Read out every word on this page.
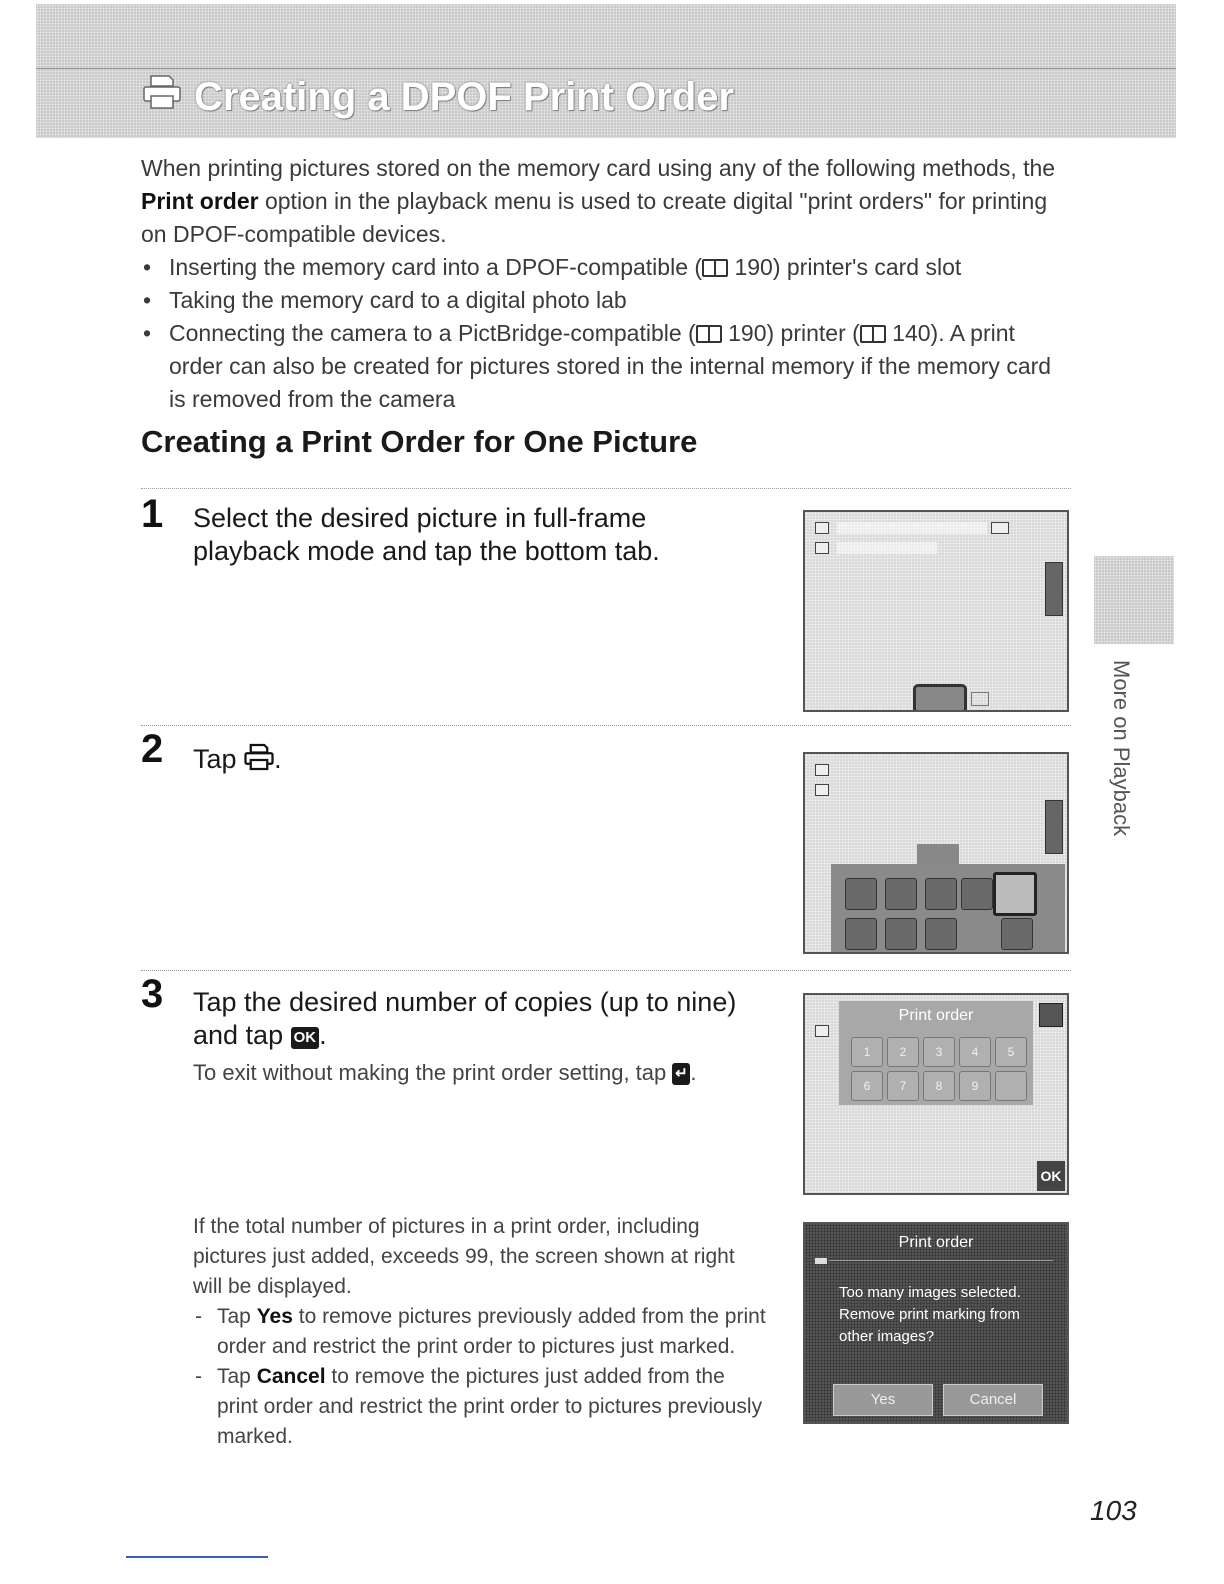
Creating a DPOF Print Order

When printing pictures stored on the memory card using any of the following methods, the Print order option in the playback menu is used to create digital "print orders" for printing on DPOF-compatible devices.

• Inserting the memory card into a DPOF-compatible ( 190) printer's card slot
• Taking the memory card to a digital photo lab
• Connecting the camera to a PictBridge-compatible ( 190) printer ( 140). A print order can also be created for pictures stored in the internal memory if the memory card is removed from the camera
Creating a Print Order for One Picture
1 Select the desired picture in full-frame playback mode and tap the bottom tab.
2 Tap .
3 Tap the desired number of copies (up to nine) and tap OK .
To exit without making the print order setting, tap ↵ .
Print order
1	2	3	4	5
6	7	8	9
OK

If the total number of pictures in a print order, including pictures just added, exceeds 99, the screen shown at right will be displayed.

- Tap Yes to remove pictures previously added from the print order and restrict the print order to pictures just marked.
- Tap Cancel to remove the pictures just added from the print order and restrict the print order to pictures previously marked.
Print order
Too many images selected. Remove print marking from other images?
Yes	Cancel
More on Playback
103
